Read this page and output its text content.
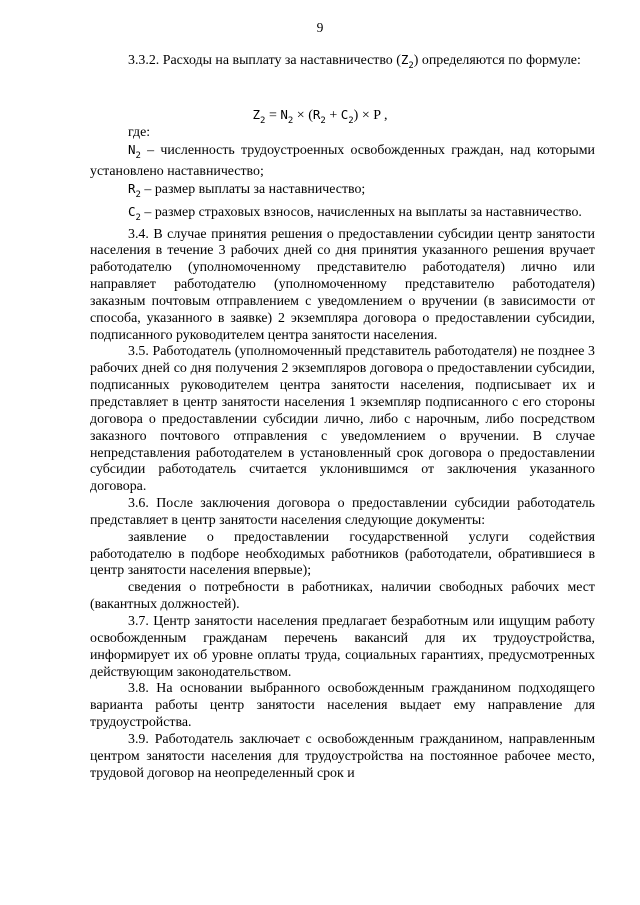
9

3.3.2. Расходы на выплату за наставничество $(Z_2)$ определяются по формуле:

где:

$N_2$ – численность трудоустроенных освобожденных граждан, над которыми установлено наставничество;

$R_2$ – размер выплаты за наставничество;

$C_2$ – размер страховых взносов, начисленных на выплаты за наставничество.

3.4. В случае принятия решения о предоставлении субсидии центр занятости населения в течение 3 рабочих дней со дня принятия указанного решения вручает работодателю (уполномоченному представителю работодателя) лично или направляет работодателю (уполномоченному представителю работодателя) заказным почтовым отправлением с уведомлением о вручении (в зависимости от способа, указанного в заявке) 2 экземпляра договора о предоставлении субсидии, подписанного руководителем центра занятости населения.

3.5. Работодатель (уполномоченный представитель работодателя) не позднее 3 рабочих дней со дня получения 2 экземпляров договора о предоставлении субсидии, подписанных руководителем центра занятости населения, подписывает их и представляет в центр занятости населения 1 экземпляр подписанного с его стороны договора о предоставлении субсидии лично, либо с нарочным, либо посредством заказного почтового отправления с уведомлением о вручении. В случае непредставления работодателем в установленный срок договора о предоставлении субсидии работодатель считается уклонившимся от заключения указанного договора.

3.6. После заключения договора о предоставлении субсидии работодатель представляет в центр занятости населения следующие документы:

заявление о предоставлении государственной услуги содействия работодателю в подборе необходимых работников (работодатели, обратившиеся в центр занятости населения впервые);

сведения о потребности в работниках, наличии свободных рабочих мест (вакантных должностей).

3.7. Центр занятости населения предлагает безработным или ищущим работу освобожденным гражданам перечень вакансий для их трудоустройства, информирует их об уровне оплаты труда, социальных гарантиях, предусмотренных действующим законодательством.

3.8. На основании выбранного освобожденным гражданином подходящего варианта работы центр занятости населения выдает ему направление для трудоустройства.

3.9. Работодатель заключает с освобожденным гражданином, направленным центром занятости населения для трудоустройства на постоянное рабочее место, трудовой договор на неопределенный срок и

$Z_2 = N_2 \times (R_2 + C_2) \times P$ ,
